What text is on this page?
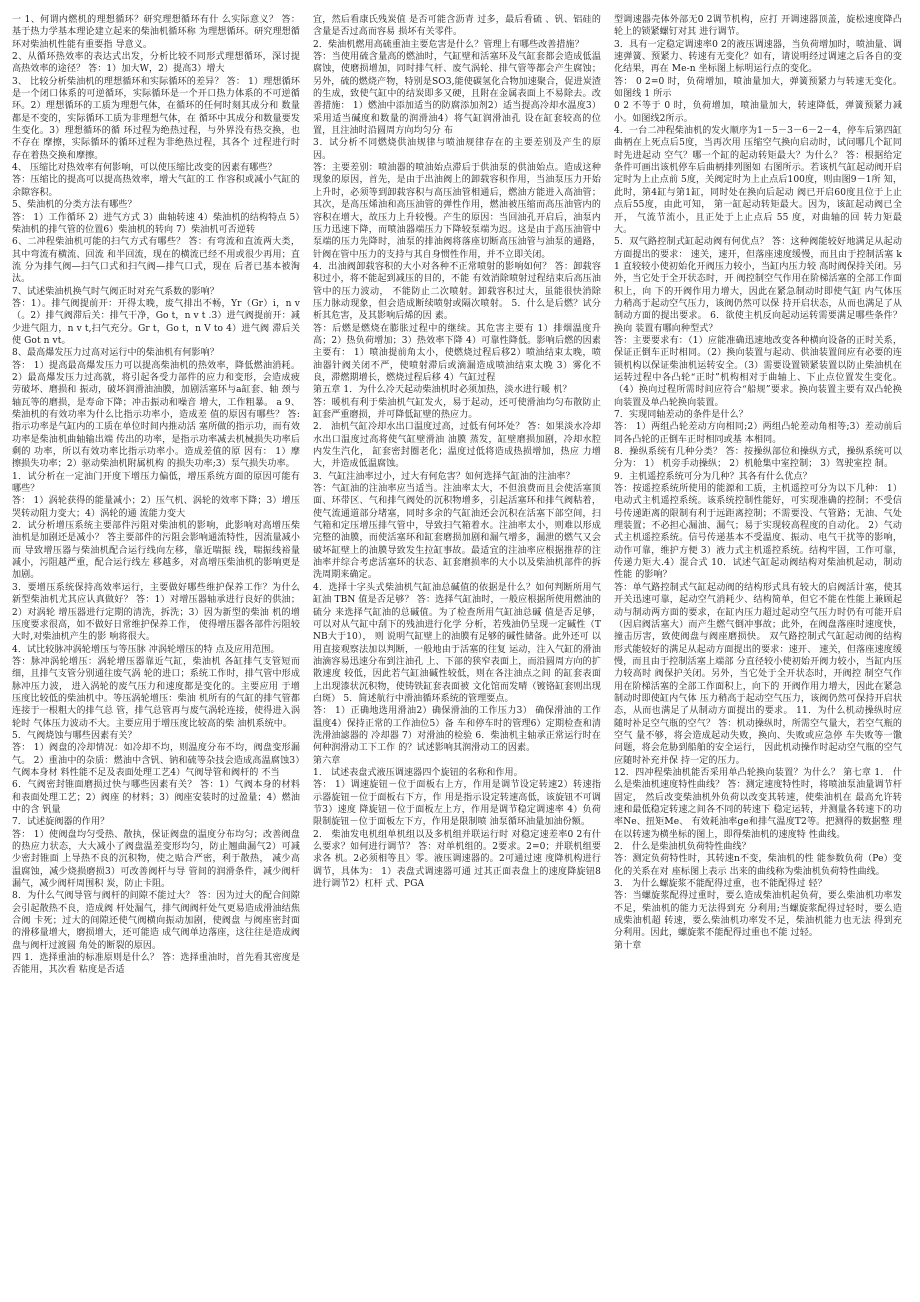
一 1、何谓内燃机的理想循环？研究理想循环有什 么实际意义？ 答：基于热力学基本理论建立起来的柴油机循环称 为理想循环。研究理想循环对柴油机性能有重要指 导意义。

2、从循环热效率的表达式出发，分析比较不同形式理想循环，深讨提高热效率的途径？ 答：1）加大W，2）提高3）增大

3、 比较分析柴油机的理想循环和实际循环的差异？ 答： 1）理想循环是一个闭口体系的可逆循环，实际循环是一个开口热力体系的不可逆循环。2）理想循环的工质为理想气体，在循环的任何时刻其成分和 数量都是不变的，实际循环工质为非理想气体，在 循环中其成分和数量要发生变化。3）理想循环的循 环过程为绝热过程，与外界没有热交换，也不存在 摩擦，实际循环的循环过程为非绝热过程，其各个 过程进行时存在着热交换和摩擦。

4、 压缩比对热效率有何影响，可以使压缩比改变的因素有哪些？

答：压缩比的提高可以提高热效率，增大气缸的工 作容积或减小气缸的余隙容积。

5、柴油机的分类方法有哪些？

答： 1）工作循环 2）进气方式 3）曲轴转速 4）柴油机的结构特点 5）柴油机的排气管的位置6）柴油机的转向 7）柴油机可否逆转

6、二冲程柴油机可能的扫气方式有哪些？ 答：有弯流和直流两大类，其中弯流有横流、回流 和半回流，现在的横流已经不用或很少再用；直流 分为排气阀—扫气口式和扫气阀—排气口式，现在 后者已基本被淘汰。

7、试述柴油机换气时气阀正时对充气系数的影响？

答：1）。排气阀提前开：开得太晚，废气排出不畅，Yr（Gr）i，n v （。2）排气阀滞后关：排气干净，Go t，n v t .3）进气阀提前开：减少进气阻力，n v t,扫气充分。Gr t，Go t，n V to 4）进气阀 滞后关使 Got n vt。

8、最高爆发压力过高对运行中的柴油机有何影响？

答： 1）提高最高爆发压力可以提高柴油机的热效率，降低燃油消耗。 2）最高爆发压力过高就，将引起各受力部件的应力和变形，会造成疲劳破坏、磨损和 振动，破坏润滑油油膜，加剧活塞环与a缸套、轴 颈与轴瓦等的磨损，是寿命下降；冲击振动和噪音 增大，工作粗暴。 a 9、柴油机的有效功率为什么比指示功率小，造成差 值的原因有哪些？ 答:指示功率是气缸内的工质在单位时间内推动活 塞所做的指示功，而有效功率是柴油机曲轴输出端 传出的功率，是指示功率减去机械损失功率后剩的 功率，所以有效功率比指示功率小。造成差值的原 因有： 1）摩擦损失功率；2）驱动柴油机附属机构 的损失功率;3）泵气损失功率。

1．试分析在一定油门开度下增压力偏低，增压系统方面的原因可能有哪些？

答： 1）涡轮获得的能量减小；2）压气机、涡轮的效率下降；3）增压哭转动阻力变大；4）涡轮的通 流能力变大

2．试分析增压系统主要部件污阻对柴油机的影响，此影响对高增压柴油机是加剧还是减小？ 答主要部件的污阻会影响通流特性，因流量减小而 导致增压器与柴油机配合运行线向左移，靠近喘振 线，喘振线裕量减小，污阻越严重，配合运行线左 移越多，对高增压柴油机的影响更是加剧。

3．要增压系统保持高效率运行，主要做好哪些维护保养工作？为什么新型柴油机尤其应认真做好？ 答：1）对增压器轴承进行良好的供油；2）对涡轮 增压器进行定期的清洗，拆洗；3）因为新型的柴油 机的增压度要求很高，如不做好日常维护保养工作， 使得增压器各部件污阻较大时,对柴油机产生的影 响将很大。

4．试比较脉冲涡轮增压与等压脉 冲涡轮增压的特 点及应用范围。

答：脉冲涡轮增压：涡轮增压器靠近气缸，柴油机 各缸排气支管短而细，且排气支管分别通往废气涡 轮的进口；系统工作时，排气管中形成脉冲压力波， 进入涡轮的废气压力和速度都是变化的。主要应用 于增压度比较低的柴油机中。等压涡轮增压：柴油 机所有的气缸的排气管都连接于一根粗大的排气总 管，排气总管再与废气涡轮连接，使得进入涡轮时 气体压力波动不大。主要应用于增压度比较高的柴 油机系统中。

5．气阀烧蚀与哪些因素有关？

答： 1）阀盘的冷却情况：如冷却不均，则温度分布不均，阀盘变形漏气。 2）重油中的杂质：燃油中含钒、钠和硫等杂技会造成高温腐蚀3）气阀本身材 料性能不足及表面处理工艺4）气阀导管和阀杆的 不当

6．气阀密封锥面磨损过快与哪些因素有关？ 答：1）气阀本身的材料和表面处理工艺；2）阀座 的材料；3）阀座安装时的过盈量；4）燃油中的含 钒量

7．试述旋阀器的作用？

答： 1）使阀盘均匀受热、散执，保证阀盘的温度分布均匀；改善阀盘的热应力状态，大大减小了阀盘温差变形均匀，防止翘曲漏气2）可减少密封锥面 上导热不良的沉积物，使之贴合严密，利于散热， 减少高温腐蚀，减少烧损磨损3）可改善阀杆与导 管间的润滑条件，减少阀杆漏气，减少阀杆周围积 炭，防止卡阻。

8．为什么气阀导管与阀杆的间隙不能过大？ 答：因为过大的配合间隙会引起散热不良，造成阀 杆处漏气，排气阀阀杆处气更易造成滑油结焦合阀 卡死；过大的间隙还使气阀横向振动加剧，使阀盘 与阀座密封面的滑移量增大，磨损增大，还可能造 成气阀单边落座，这往往是造成阀盘与阀杆过渡圆 角处的断裂的原因。

四 1．选择重油的标准原则是什么？ 答：选择重油时，首先看其密度是否能用，其次看 粘度是否适

宜，然后看康氏残炭值 是否可能含沥青 过多，最后看硫 、钒、铝硅的含量是否过高而容易 损坏有关零件。

2．柴油机燃用高硫重油主要危害是什么？管理上有哪些改善措施？

答：当使用硫含量高的燃油时，气缸壁和活塞环及气缸套都会造成低温腐蚀，使磨损增加，同时排气杆、废气涡轮、排气管等都会产生腐蚀；另外，硫的燃烧产物，特别是SO3,能使碳氢化合物加速聚合，促进炭渣的生成，致使气缸中的结炭即多又硬，且附在金属表面上不易除去。改善措施： 1）燃油中添加适当的防腐添加剂2）适当提高冷却水温度3）采用适当碱度和数量的润滑油4）将气缸润滑油孔 设在缸套较高的位置，且注油时沿圆周方向均匀分 布

3．试分析不同燃烧供油规律与喷油规律存在的主要差别及产生的原因。

答：主要差别：喷油器的喷油始点滞后于供油泵的供油始点。造成这种现象的原因，首先，是由于出油阀上的卸载容积作用，当油泵压力开始上升时，必须等到卸载容积与高压油管相通后，燃油方能进入高油管；其次，是高压烯油和高压油管的弹性作用，燃油被压缩而高压油管内的容积在增大，故压力上升较慢。产生的原因：当回油孔开启后，油泵内压力迅速下降，而喷油器端压力下降较泵端为迟。这是由于高压油管中泵端的压力先降时，油泵的排油阀将落座切断高压油管与油泵的通路，针阀在管中压力的支持与其自身惯性作用，并不立即关闭。

4．出油阀卸载容积的大小对各种不正常喷射的影响如何？ 答：卸载容积过小，将不能起到减压的目的，不能 有效消除喷射过程结束后高压油管中的压力波动， 不能防止二次喷射。卸载容积过大，虽能很快消除 压力脉动现象，但会造成断续喷射或隔次喷射。 5．什么是后燃？试分析其危害，及其影响后烯的因 素。

答：后燃是燃烧在膨胀过程中的继续。其危害主要有 1）排烟温度升高；2）热负荷增加；3）热效率下降 4）可靠性降低。影响后燃的因素主要有： 1）喷油提前角太小，使燃烧过程后移2）喷油结束太晚，喷油器针阀关闭不严，使喷射滞后或滴漏造成喷油结束太晚 3）雾化不良，滞燃期增长，燃烧过程后移 4）气缸过程

第五章 1．为什么冷天起动柴油机时必须加热，淡水进行暖 机？

答：暖机有利于柴油机气缸发火，易于起动，还可使滑油均匀布散防止缸套严重磨损，并可降低缸壁的热应力。

2． 油机气缸冷却水出口温度过高，过低有何坏处？ 答：如果淡水冷却水出口温度过高将使气缸壁滑油 油膜 蒸发，缸壁磨损加剧，冷却水腔内发生汽化， 缸套密封圈老化；温度过低将造成热损增加，热应 力增大，并造成低温腐蚀。

3．气缸注油率过小，过大有何危害？如何选择气缸油的注油率？

答：气缸油的注油率应当适当。注油率太大，不但浪费而且会使活塞顶面、环带区、气和排气阀处的沉积物增多，引起活塞环和排气阀粘着，使气流通道部分堵塞，同时多余的气缸油还会沉积在活塞下部空间，扫气箱和定压增压排气管中，导致扫气箱着水。注油率太小，则难以形成完整的油膜，而使活塞环和缸套磨损加剧和漏气增多，漏泄的燃气又会破坏缸壁上的油膜导致发生拉缸事故。最适宜的注油率应根据推荐的注油率并综合考虑活塞环的状态、缸套磨损率的大小以及柴油机部件的拆洗周期来确定。

4．选择十字头式柴油机气缸油总碱值的依据是什么？如何判断所用气缸油 TBN 值是否足够？ 答：选择气缸油时，一般应根据所使用燃油的硫分 来选择气缸油的总碱值。为了检查所用气缸油总碱 值是否足够，可以对从气缸中刮下的残油进行化学 分析，若残油仍呈现一定碱性（TNB大于10）， 则 说明气缸壁上的油膜有足够的碱性储备。此外还可 以用直接观察法加以判断，一般地由于活塞的往复 运动，注入气缸的滑油油滴容易迅速分布到注油孔 上、下部的狭窄表面上，而沿圆周方向的扩散速度 较低，因此若气缸油碱性较低，则在各注油点之间 的缸套表面上出现漆状沉积物，使铸铁缸套表面被 文化馆而发晴（镀铬缸套则出现白斑） 5．简述航行中滑油循环系统的管理要点。

答： 1）正确地选用滑油2）确保滑油的工作压力3） 确保滑油的工作温度4）保持正常的工作油位5）备 车和停车时的管理6）定期检查和清洗滑油滤器的 冷却器 7）对滑油的检验 6．柴油机主轴承正常运行时在何种润滑动工下工作 的？试述影响其润滑动工的因素。

第六章

1． 试述表盘式液压调速器四个旋钮的名称和作用。

答： 1）调速旋钮－位于面板右上方，作用是调节设定转速2）转速指示器旋钮－位于面板右下方，作 用是指示设定转速高低，该旋钮不可调节3）速度 降旋钮－位于面板左上方，作用是调节稳定调速率 4）负荷限制旋钮－位于面板左下方，作用是限制喷 油泵循环油量加油份额。

2． 柴油发电机组单机组以及多机组并联运行时 对稳定速差率0 2有什么要求？如何进行调节？ 答：对单机组的。2要求。2=0；并联机组要求各 机。2必须相等且〉零。液压调速器的。2可通过速 度降机构进行调节，具体为： 1）表盘式调速器可通 过其正面表盘上的速度降旋钮8进行调节2）杠杆 式、PGA

型调速器壳体外部无0 2调节机构，应打 开调速器顶盖，旋松速度降凸轮上的锁紧螺钉对其 进行调节。

3．具有一定稳定调速率0 2的液压调速器，当负荷增加时，喷油量、调速弹簧、预紧力、转速有无变化？如有，请说明经过调速之后各自的变化结果，再在 Me-n 坐标图上标明运行点的变化。

答： 0 2=0 时，负荷增加，喷油量加大，弹簧预紧力与转速无变化。如图线 1 所示

0 2 不等于 0 时，负荷增加，喷油量加大，转速降低，弹簧预紧力减小。如图线2所示。

4．一台二冲程柴油机的发火顺序为1－5－3－6－2－4，停车后第四缸曲柄在上死点后5度，当再次用 压缩空气换向启动时，试问哪几个缸同时先进起动 空气？哪一个缸的起动转矩最大？为什么？ 答：根据给定条件可画出该机停车后曲柄排列图如 右图所示。若该机气缸起动阀开启定时为上止点前 5度，关阀定时为上止点后100度，则由图9－1所 知，此时，第4缸与第1缸，同时处在换向后起动 阀已开启60度且位于上止点后55度，由此可知， 第一缸起动转矩最大。因为，该缸起动阀已全开， 气流节流小，且正处于上止点后 55 度，对曲轴的回 转力矩最大。

5．双气路控制式缸起动阀有何优点？ 答：这种阀能较好地满足从起动方面提出的要求： 速关，速开，但落座速度缓慢，而且由于控制活塞 k1 直较较小使初始化开阀压力较小，当缸内压力较 高时阀保持关闭。另外，当它处于全开状态时，开 阀控制空气作用在阶梯活塞的全部工作面积上，向 下的开阀作用力增大，因此在紧急制动时即使气缸 内气体压力稍高于起动空气压力，该阀仍然可以保 持开启状态，从而也满足了从制动方面的提出要求。 6．欲使主机反向起动运转需要满足哪些条件？换向 装置有哪向种型式？

答：主要要求有：（1）应能准确迅速地改变各种横向设备的正时关系，保证正倒车正时相同。（2）换向装置与起动、供油装置间应有必要的连锁机构以保证柴油机运转安全。（3）需要设置锁紧装置以防止柴油机在运转过程中各凸轮“正时”机构相对于曲轴上、下止点位置发生变化。（4）换向过程所需时间应符合“船规”要求。换向装置主要有双凸轮换向装置及单凸轮换向装置。

7．实现同轴差动的条件是什么？

答： 1）两组凸轮差动方向相同;2）两组凸轮差动角相等;3）差动前后同各凸轮的正倒车正时相同或基 本相同。

8．操纵系统有几种分类？ 答：按操纵部位和操纵方式，操纵系统可以分为： 1） 机旁手动操纵； 2）机舱集中室控制； 3）驾驶室控 制。

9．主机遥控系统可分为几种？其各有什么优点？

答：按遥控系统所使用的能源和工质，主机遥控可分为以下几种： 1）电动式主机遥控系统。该系统控制性能好，可实现准确的控制；不受信号传递距离的限制有利于远距离控制；不需要没、气管路；无油、气处理装置；不必担心漏油、漏气；易于实现较高程度的自动化。 2）气动式主机遥控系统。信号传递基本不受温度、振动、电气干扰等的影响，动作可靠，维护方便 3）液力式主机遥控系统。结构牢固，工作可靠，传递力矩大.4）混合式 10．试述气缸起动阀结构对柴油机起动，制动性能 的影响？

答：单气路控制式气缸起动阀的结构形式具有较大的启阀活计塞，使其开关迅速可靠，起动空气消耗少、结构简单，但它不能在性能上兼顾起动与制动两方面的要求，在缸内压力超过起动空气压力时仍有可能开启（因启阀活塞大）而产生燃气倒冲事故；此外，在阀盘落座时速度快，撞击厉害，致使阀盘与阀座磨损快。 双气路控制式气缸起动阀的结构 形式能较好的满足从起动方面提出的要求：速开、 速关，但落座速度缓慢，而且由于控制活塞上端部 分直径较小使初始开阀力较小，当缸内压力较高时 阀保护关闭。另外，当它处于全开状态时，开阀控 制空气作用在阶梯活塞的全部工作面积上，向下的 开阀作用力增大，因此在紧急制动时即使缸内气体 压力稍高于起动空气压力，该阀仍然可保持开启状 态，从而也满足了从制动方面提出的要求。 11．为什么机动操纵时应随时补足空气瓶的空气？ 答：机动操纵时，所需空气量大，若空气瓶的空气 量不够，将会造成起动失败，换向、失败或应急停 车失败等一馓问题，将会危胁到船舶的安全运行， 因此机动操作时起动空气瓶的空气应随时补充并保 持一定的压力。

12．四冲程柴油机能否采用单凸轮换向装置？为什么？ 第七章 1． 什么是柴油机速度特性曲线？ 答：测定速度特性时，将喷油泵油量调节杆固定， 然后改变柴油机外负荷以改变其转速，使柴油机在 最高允许转速和最低稳定转速之间各不同的转速下 稳定运转，并测量各转速下的功率Ne、扭矩Me、 有效耗油率ge和排气温度T2等。把测得的数据整 理在以转速为横坐标的图上，即得柴油机的速度特 性曲线。

2． 什么是柴油机负荷特性曲线？

答：测定负荷特性时，其转速n不变，柴油机的性 能参数负荷（Pe）变化的关系在对 座标图上表示 出来的曲线称为柴油机负荷特性曲线。

3． 为什么螺旋浆不能配得过重，也不能配得过 轻？

答：当螺旋浆配得过重时，要么造成柴油机起负荷，要么柴油机功率发不足，柴油机的能力无法得到充 分利用;当螺旋浆配得过轻时，要么造成柴油机超 转速，要么柴油机功率发不足，柴油机能力也无法 得到充分利用。因此，螺旋浆不能配得过重也不能 过轻。

第十章
